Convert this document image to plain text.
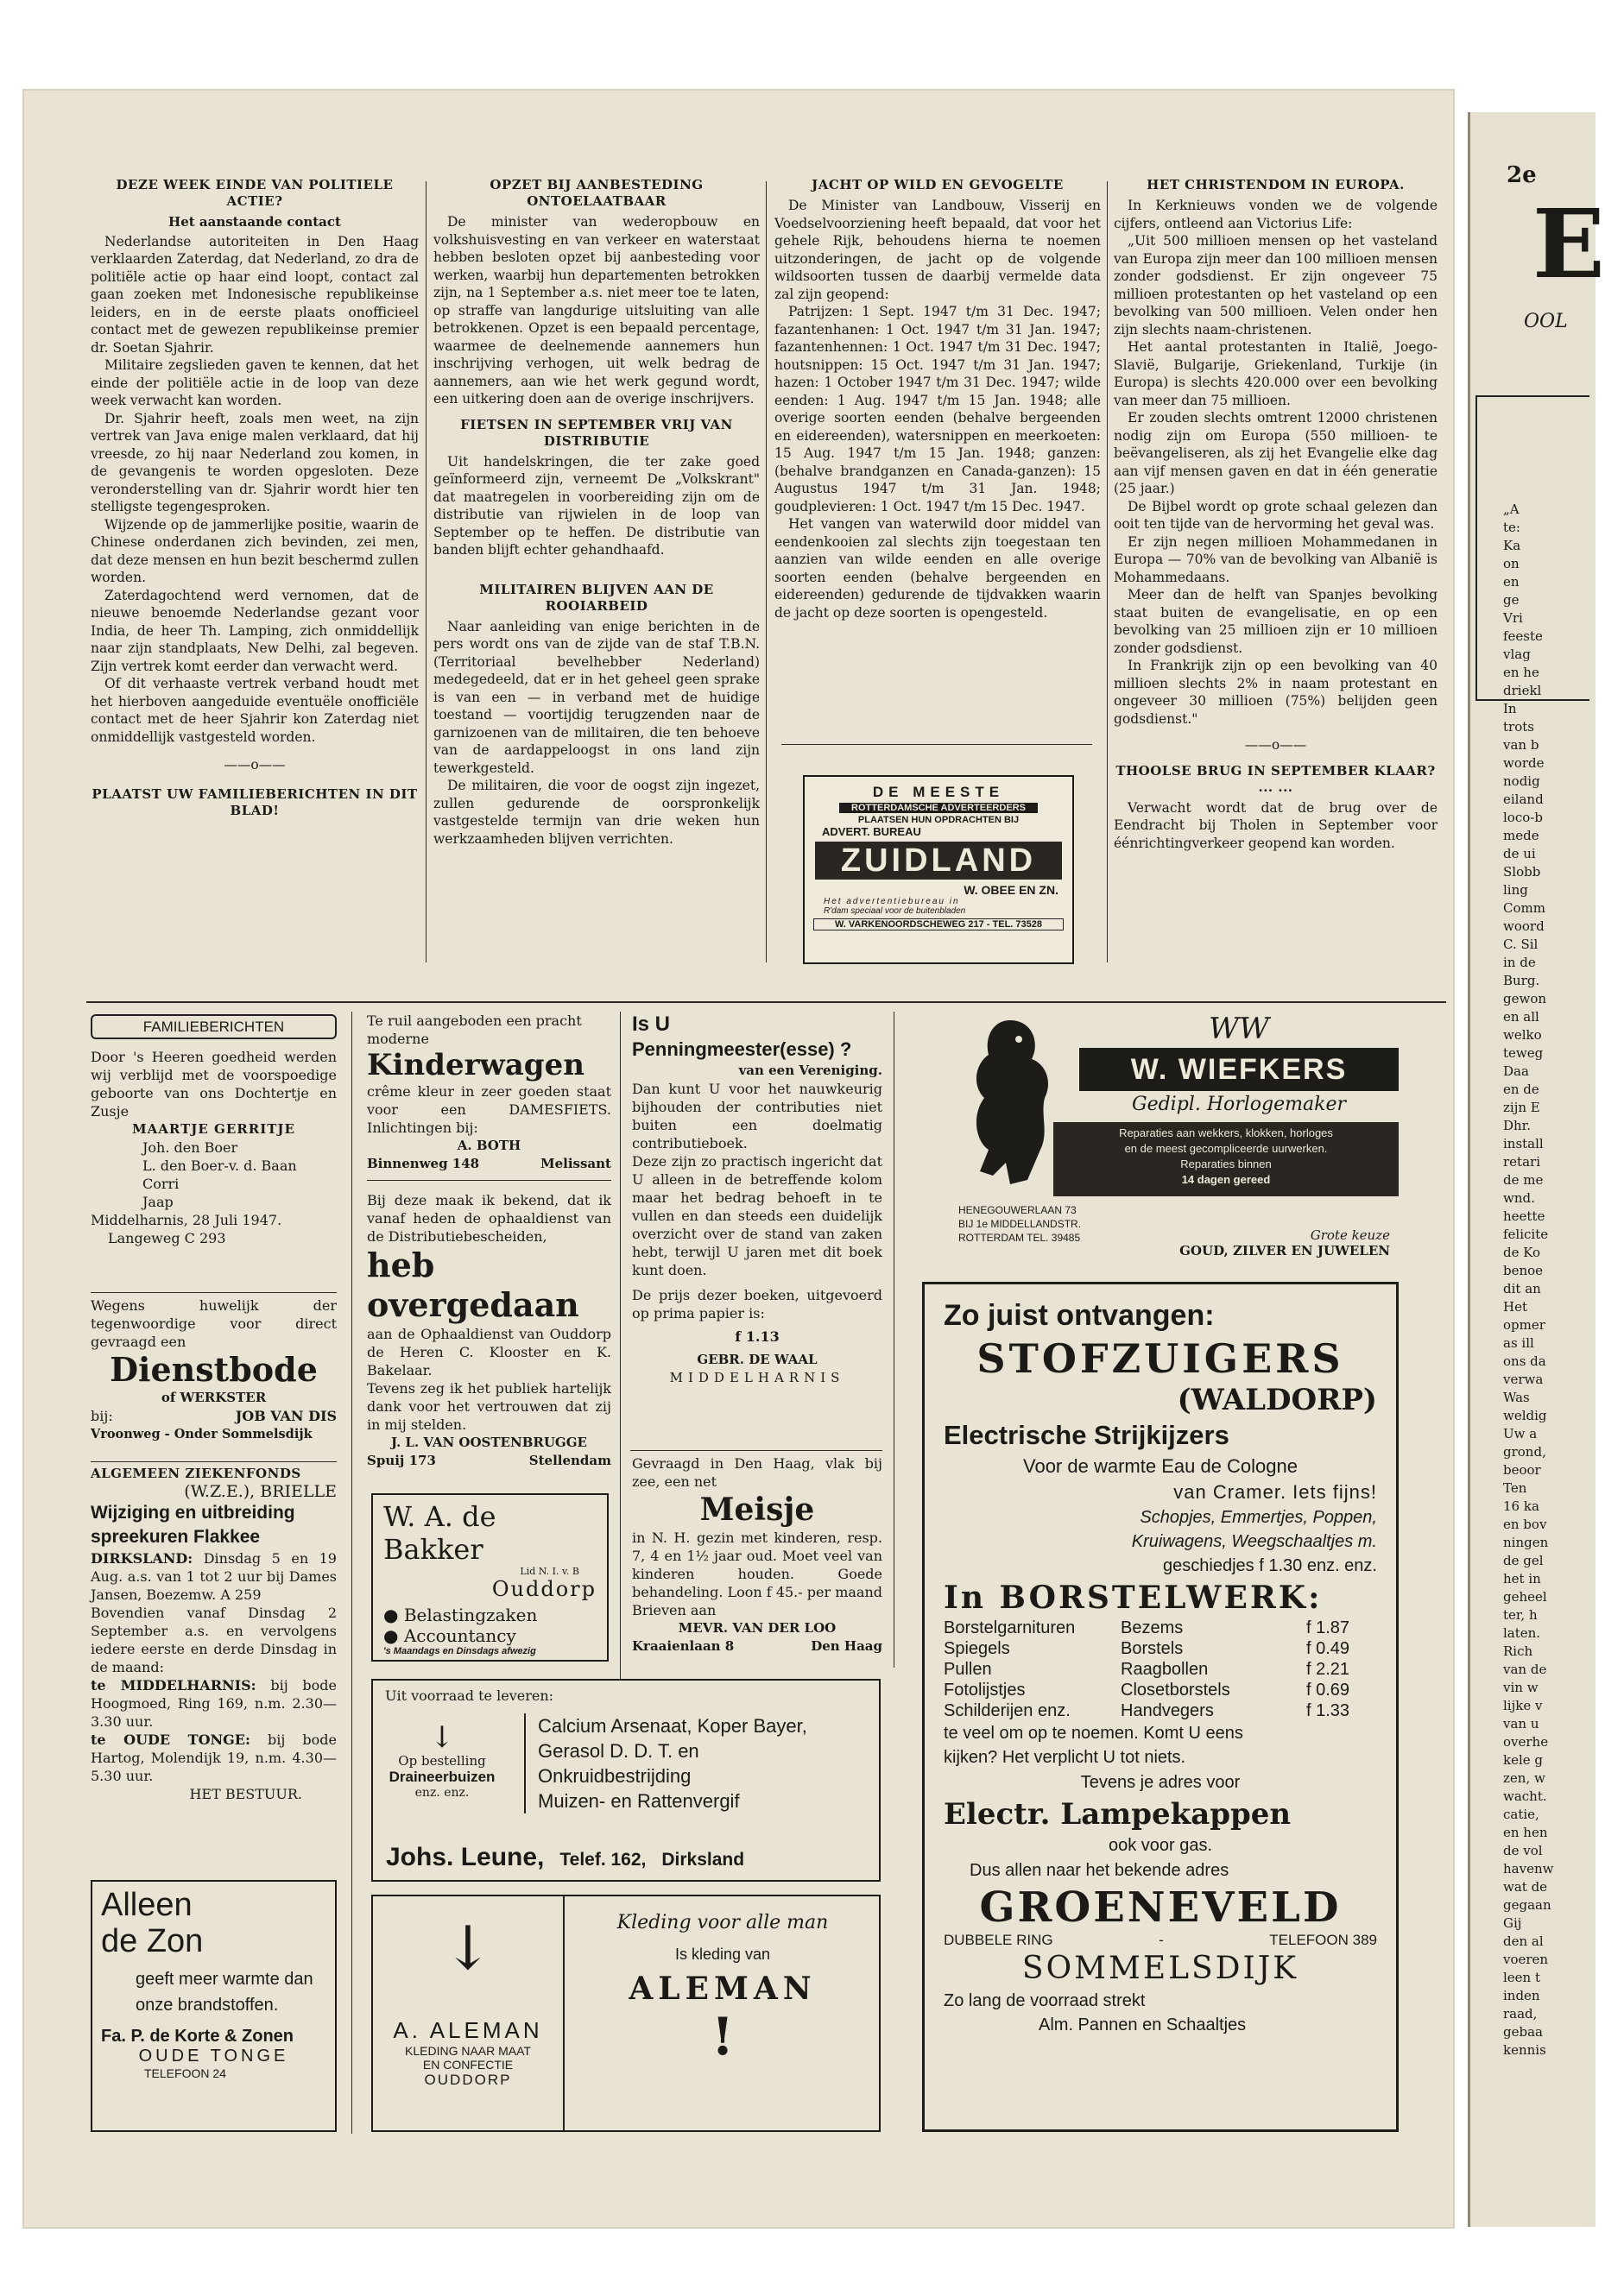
2e
E
OOL
„A
te:
Ka
on
en
ge
Vri
feeste
vlag
en he
driekl
In
trots
van b
worde
nodig
eiland
loco-b
mede
de ui
Slobb
ling
Comm
woord
C. Sil
in de
Burg.
gewon
en all
welko
teweg
Daa
en de
zijn E
Dhr.
install
retari
de me
wnd.
heette
felicite
de Ko
benoe
dit an
Het
opmer
as ill
ons da
verwa
Was
weldig
Uw a
grond,
beoor
Ten
16 ka
en bov
ningen
de gel
het in
geheel
ter, h
laten.
Rich
van de
vin w
lijke v
van u
overhe
kele g
zen, w
wacht.
catie,
en hen
de vol
havenw
wat de
gegaan
Gij
den al
voeren
leen t
inden
raad,
gebaa
kennis
DEZE WEEK EINDE VAN POLITIELE ACTIE?
Het aanstaande contact

Nederlandse autoriteiten in Den Haag verklaarden Zaterdag, dat Nederland, zo dra de politiële actie op haar eind loopt, contact zal gaan zoeken met Indonesische republikeinse leiders, en in de eerste plaats onofficieel contact met de gewezen republikeinse premier dr. Soetan Sjahrir.

Militaire zegslieden gaven te kennen, dat het einde der politiële actie in de loop van deze week verwacht kan worden.

Dr. Sjahrir heeft, zoals men weet, na zijn vertrek van Java enige malen verklaard, dat hij vreesde, zo hij naar Nederland zou komen, in de gevangenis te worden opgesloten. Deze veronderstelling van dr. Sjahrir wordt hier ten stelligste tegengesproken.

Wijzende op de jammerlijke positie, waarin de Chinese onderdanen zich bevinden, zei men, dat deze mensen en hun bezit beschermd zullen worden.

Zaterdagochtend werd vernomen, dat de nieuwe benoemde Nederlandse gezant voor India, de heer Th. Lamping, zich onmiddellijk naar zijn standplaats, New Delhi, zal begeven. Zijn vertrek komt eerder dan verwacht werd.

Of dit verhaaste vertrek verband houdt met het hierboven aangeduide eventuële onofficiële contact met de heer Sjahrir kon Zaterdag niet onmiddellijk vastgesteld worden.

——o——
PLAATST UW FAMILIEBERICHTEN IN DIT BLAD!
OPZET BIJ AANBESTEDING ONTOELAATBAAR

De minister van wederopbouw en volkshuisvesting en van verkeer en waterstaat hebben besloten opzet bij aanbesteding voor werken, waarbij hun departementen betrokken zijn, na 1 September a.s. niet meer toe te laten, op straffe van langdurige uitsluiting van alle betrokkenen. Opzet is een bepaald percentage, waarmee de deelnemende aannemers hun inschrijving verhogen, uit welk bedrag de aannemers, aan wie het werk gegund wordt, een uitkering doen aan de overige inschrijvers.

FIETSEN IN SEPTEMBER VRIJ VAN DISTRIBUTIE

Uit handelskringen, die ter zake goed geïnformeerd zijn, verneemt De „Volkskrant" dat maatregelen in voorbereiding zijn om de distributie van rijwielen in de loop van September op te heffen. De distributie van banden blijft echter gehandhaafd.

MILITAIREN BLIJVEN AAN DE ROOIARBEID

Naar aanleiding van enige berichten in de pers wordt ons van de zijde van de staf T.B.N. (Territoriaal bevelhebber Nederland) medegedeeld, dat er in het geheel geen sprake is van een — in verband met de huidige toestand — voortijdig terugzenden naar de garnizoenen van de militairen, die ten behoeve van de aardappeloogst in ons land zijn tewerkgesteld.

De militairen, die voor de oogst zijn ingezet, zullen gedurende de oorspronkelijk vastgestelde termijn van drie weken hun werkzaamheden blijven verrichten.

JACHT OP WILD EN GEVOGELTE

De Minister van Landbouw, Visserij en Voedselvoorziening heeft bepaald, dat voor het gehele Rijk, behoudens hierna te noemen uitzonderingen, de jacht op de volgende wildsoorten tussen de daarbij vermelde data zal zijn geopend:

Patrijzen: 1 Sept. 1947 t/m 31 Dec. 1947; fazantenhanen: 1 Oct. 1947 t/m 31 Jan. 1947; fazantenhennen: 1 Oct. 1947 t/m 31 Dec. 1947; houtsnippen: 15 Oct. 1947 t/m 31 Jan. 1947; hazen: 1 October 1947 t/m 31 Dec. 1947; wilde eenden: 1 Aug. 1947 t/m 15 Jan. 1948; alle overige soorten eenden (behalve bergeenden en eidereenden), watersnippen en meerkoeten: 15 Aug. 1947 t/m 15 Jan. 1948; ganzen: (behalve brandganzen en Canada-ganzen): 15 Augustus 1947 t/m 31 Jan. 1948; goudplevieren: 1 Oct. 1947 t/m 15 Dec. 1947.

Het vangen van waterwild door middel van eendenkooien zal slechts zijn toegestaan ten aanzien van wilde eenden en alle overige soorten eenden (behalve bergeenden en eidereenden) gedurende de tijdvakken waarin de jacht op deze soorten is opengesteld.

DE MEESTE
ROTTERDAMSCHE ADVERTEERDERS
PLAATSEN HUN OPDRACHTEN BIJ
ADVERT. BUREAU
ZUIDLAND
W. OBEE EN ZN.
Het advertentiebureau in
R'dam speciaal voor de buitenbladen
W. VARKENOORDSCHEWEG 217 - TEL. 73528
HET CHRISTENDOM IN EUROPA.

In Kerknieuws vonden we de volgende cijfers, ontleend aan Victorius Life:

„Uit 500 millioen mensen op het vasteland van Europa zijn meer dan 100 millioen mensen zonder godsdienst. Er zijn ongeveer 75 millioen protestanten op het vasteland op een bevolking van 500 millioen. Velen onder hen zijn slechts naam-christenen.

Het aantal protestanten in Italië, Joego-Slavië, Bulgarije, Griekenland, Turkije (in Europa) is slechts 420.000 over een bevolking van meer dan 75 millioen.

Er zouden slechts omtrent 12000 christenen nodig zijn om Europa (550 millioen- te beëvangeliseren, als zij het Evangelie elke dag aan vijf mensen gaven en dat in één generatie (25 jaar.)

De Bijbel wordt op grote schaal gelezen dan ooit ten tijde van de hervorming het geval was.

Er zijn negen millioen Mohammedanen in Europa — 70% van de bevolking van Albanië is Mohammedaans.

Meer dan de helft van Spanjes bevolking staat buiten de evangelisatie, en op een bevolking van 25 millioen zijn er 10 millioen zonder godsdienst.

In Frankrijk zijn op een bevolking van 40 millioen slechts 2% in naam protestant en ongeveer 30 millioen (75%) belijden geen godsdienst."

——o——
THOOLSE BRUG IN SEPTEMBER KLAAR? ... ...

Verwacht wordt dat de brug over de Eendracht bij Tholen in September voor éénrichtingverkeer geopend kan worden.

FAMILIEBERICHTEN
Door 's Heeren goedheid werden wij verblijd met de voorspoedige geboorte van ons Dochtertje en Zusje
MAARTJE GERRITJE
Joh. den Boer
L. den Boer-v. d. Baan
Corri
Jaap
Middelharnis, 28 Juli 1947.
Langeweg C 293
Wegens huwelijk der tegenwoordige voor direct gevraagd een
Dienstbode
of WERKSTER
bij:	JOB VAN DIS
Vroonweg - Onder Sommelsdijk
ALGEMEEN ZIEKENFONDS
(W.Z.E.), BRIELLE
Wijziging en uitbreiding
spreekuren Flakkee
DIRKSLAND: Dinsdag 5 en 19 Aug. a.s. van 1 tot 2 uur bij Dames Jansen, Boezemw. A 259
Bovendien vanaf Dinsdag 2 September a.s. en vervolgens iedere eerste en derde Dinsdag in de maand:
te MIDDELHARNIS: bij bode Hoogmoed, Ring 169, n.m. 2.30—3.30 uur.
te OUDE TONGE: bij bode Hartog, Molendijk 19, n.m. 4.30—5.30 uur.
HET BESTUUR.
Alleen
de Zon
geeft meer warmte dan onze brandstoffen.
Fa. P. de Korte & Zonen
OUDE TONGE
TELEFOON 24
Te ruil aangeboden een pracht moderne
Kinderwagen
crême kleur in zeer goeden staat voor een DAMESFIETS. Inlichtingen bij:
A. BOTH
Binnenweg 148	Melissant
Bij deze maak ik bekend, dat ik vanaf heden de ophaaldienst van de Distributiebescheiden,
heb
overgedaan
aan de Ophaaldienst van Ouddorp de Heren C. Klooster en K. Bakelaar.
Tevens zeg ik het publiek hartelijk dank voor het vertrouwen dat zij in mij stelden.
J. L. VAN OOSTENBRUGGE
Spuij 173	Stellendam
W. A. de Bakker
Lid N. I. v. B
Ouddorp
● Belastingzaken
● Accountancy
's Maandags en Dinsdags afwezig
Is U
Penningmeester(esse) ?
van een Vereniging.
Dan kunt U voor het nauwkeurig bijhouden der contributies niet buiten een doelmatig contributieboek.
Deze zijn zo practisch ingericht dat U alleen in de betreffende kolom maar het bedrag behoeft in te vullen en dan steeds een duidelijk overzicht over de stand van zaken hebt, terwijl U jaren met dit boek kunt doen.
De prijs dezer boeken, uitgevoerd op prima papier is:
f 1.13
GEBR. DE WAAL
MIDDELHARNIS
Gevraagd in Den Haag, vlak bij zee, een net
Meisje
in N. H. gezin met kinderen, resp. 7, 4 en 1½ jaar oud. Moet veel van kinderen houden. Goede behandeling. Loon f 45.- per maand Brieven aan
MEVR. VAN DER LOO
Kraaienlaan 8	Den Haag
Uit voorraad te leveren:
↓
Op bestelling
Draineerbuizen
enz. enz.
Calcium Arsenaat, Koper Bayer,
Gerasol D. D. T. en
Onkruidbestrijding
Muizen- en Rattenvergif
Johs. Leune, Telef. 162, Dirksland
↓
A. ALEMAN
KLEDING NAAR MAAT
EN CONFECTIE
OUDDORP
Kleding voor alle man
Is kleding van
ALEMAN
!
WW
W. WIEFKERS
Gedipl. Horlogemaker
Reparaties aan wekkers, klokken, horloges
en de meest gecompliceerde uurwerken.
Reparaties binnen
14 dagen gereed
HENEGOUWERLAAN 73
BIJ 1e MIDDELLANDSTR.
ROTTERDAM TEL. 39485	Grote keuze
GOUD, ZILVER EN JUWELEN
Zo juist ontvangen:
STOFZUIGERS
(WALDORP)
Electrische Strijkijzers
Voor de warmte Eau de Cologne
van Cramer. Iets fijns!
Schopjes, Emmertjes, Poppen,
Kruiwagens, Weegschaaltjes m.
geschiedjes f 1.30 enz. enz.
In BORSTELWERK:
Borstelgarnituren	Bezems	f 1.87
Spiegels	Borstels	f 0.49
Pullen	Raagbollen	f 2.21
Fotolijstjes	Closetborstels	f 0.69
Schilderijen enz.	Handvegers	f 1.33
te veel om op te noemen. Komt U eens
kijken? Het verplicht U tot niets.
Tevens je adres voor
Electr. Lampekappen
ook voor gas.
Dus allen naar het bekende adres
GROENEVELD
DUBBELE RING	-	TELEFOON 389
SOMMELSDIJK
Zo lang de voorraad strekt
Alm. Pannen en Schaaltjes
